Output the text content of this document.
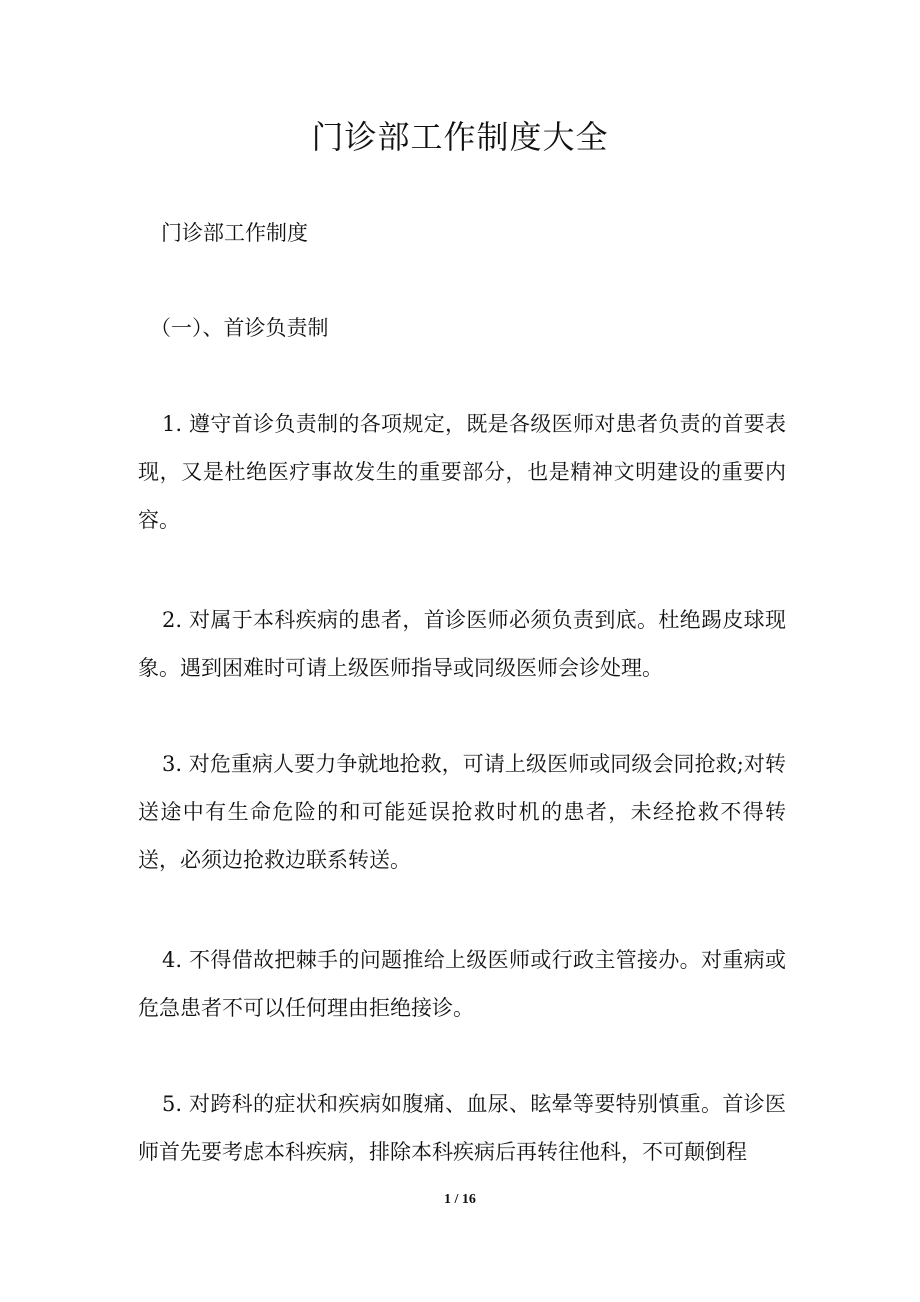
门诊部工作制度大全
门诊部工作制度
（一）、首诊负责制

1. 遵守首诊负责制的各项规定，既是各级医师对患者负责的首要表现，又是杜绝医疗事故发生的重要部分，也是精神文明建设的重要内容。

2. 对属于本科疾病的患者，首诊医师必须负责到底。杜绝踢皮球现象。遇到困难时可请上级医师指导或同级医师会诊处理。

3. 对危重病人要力争就地抢救，可请上级医师或同级会同抢救;对转送途中有生命危险的和可能延误抢救时机的患者，未经抢救不得转送，必须边抢救边联系转送。

4. 不得借故把棘手的问题推给上级医师或行政主管接办。对重病或危急患者不可以任何理由拒绝接诊。

5. 对跨科的症状和疾病如腹痛、血尿、眩晕等要特别慎重。首诊医师首先要考虑本科疾病，排除本科疾病后再转往他科，不可颠倒程

1 / 16
